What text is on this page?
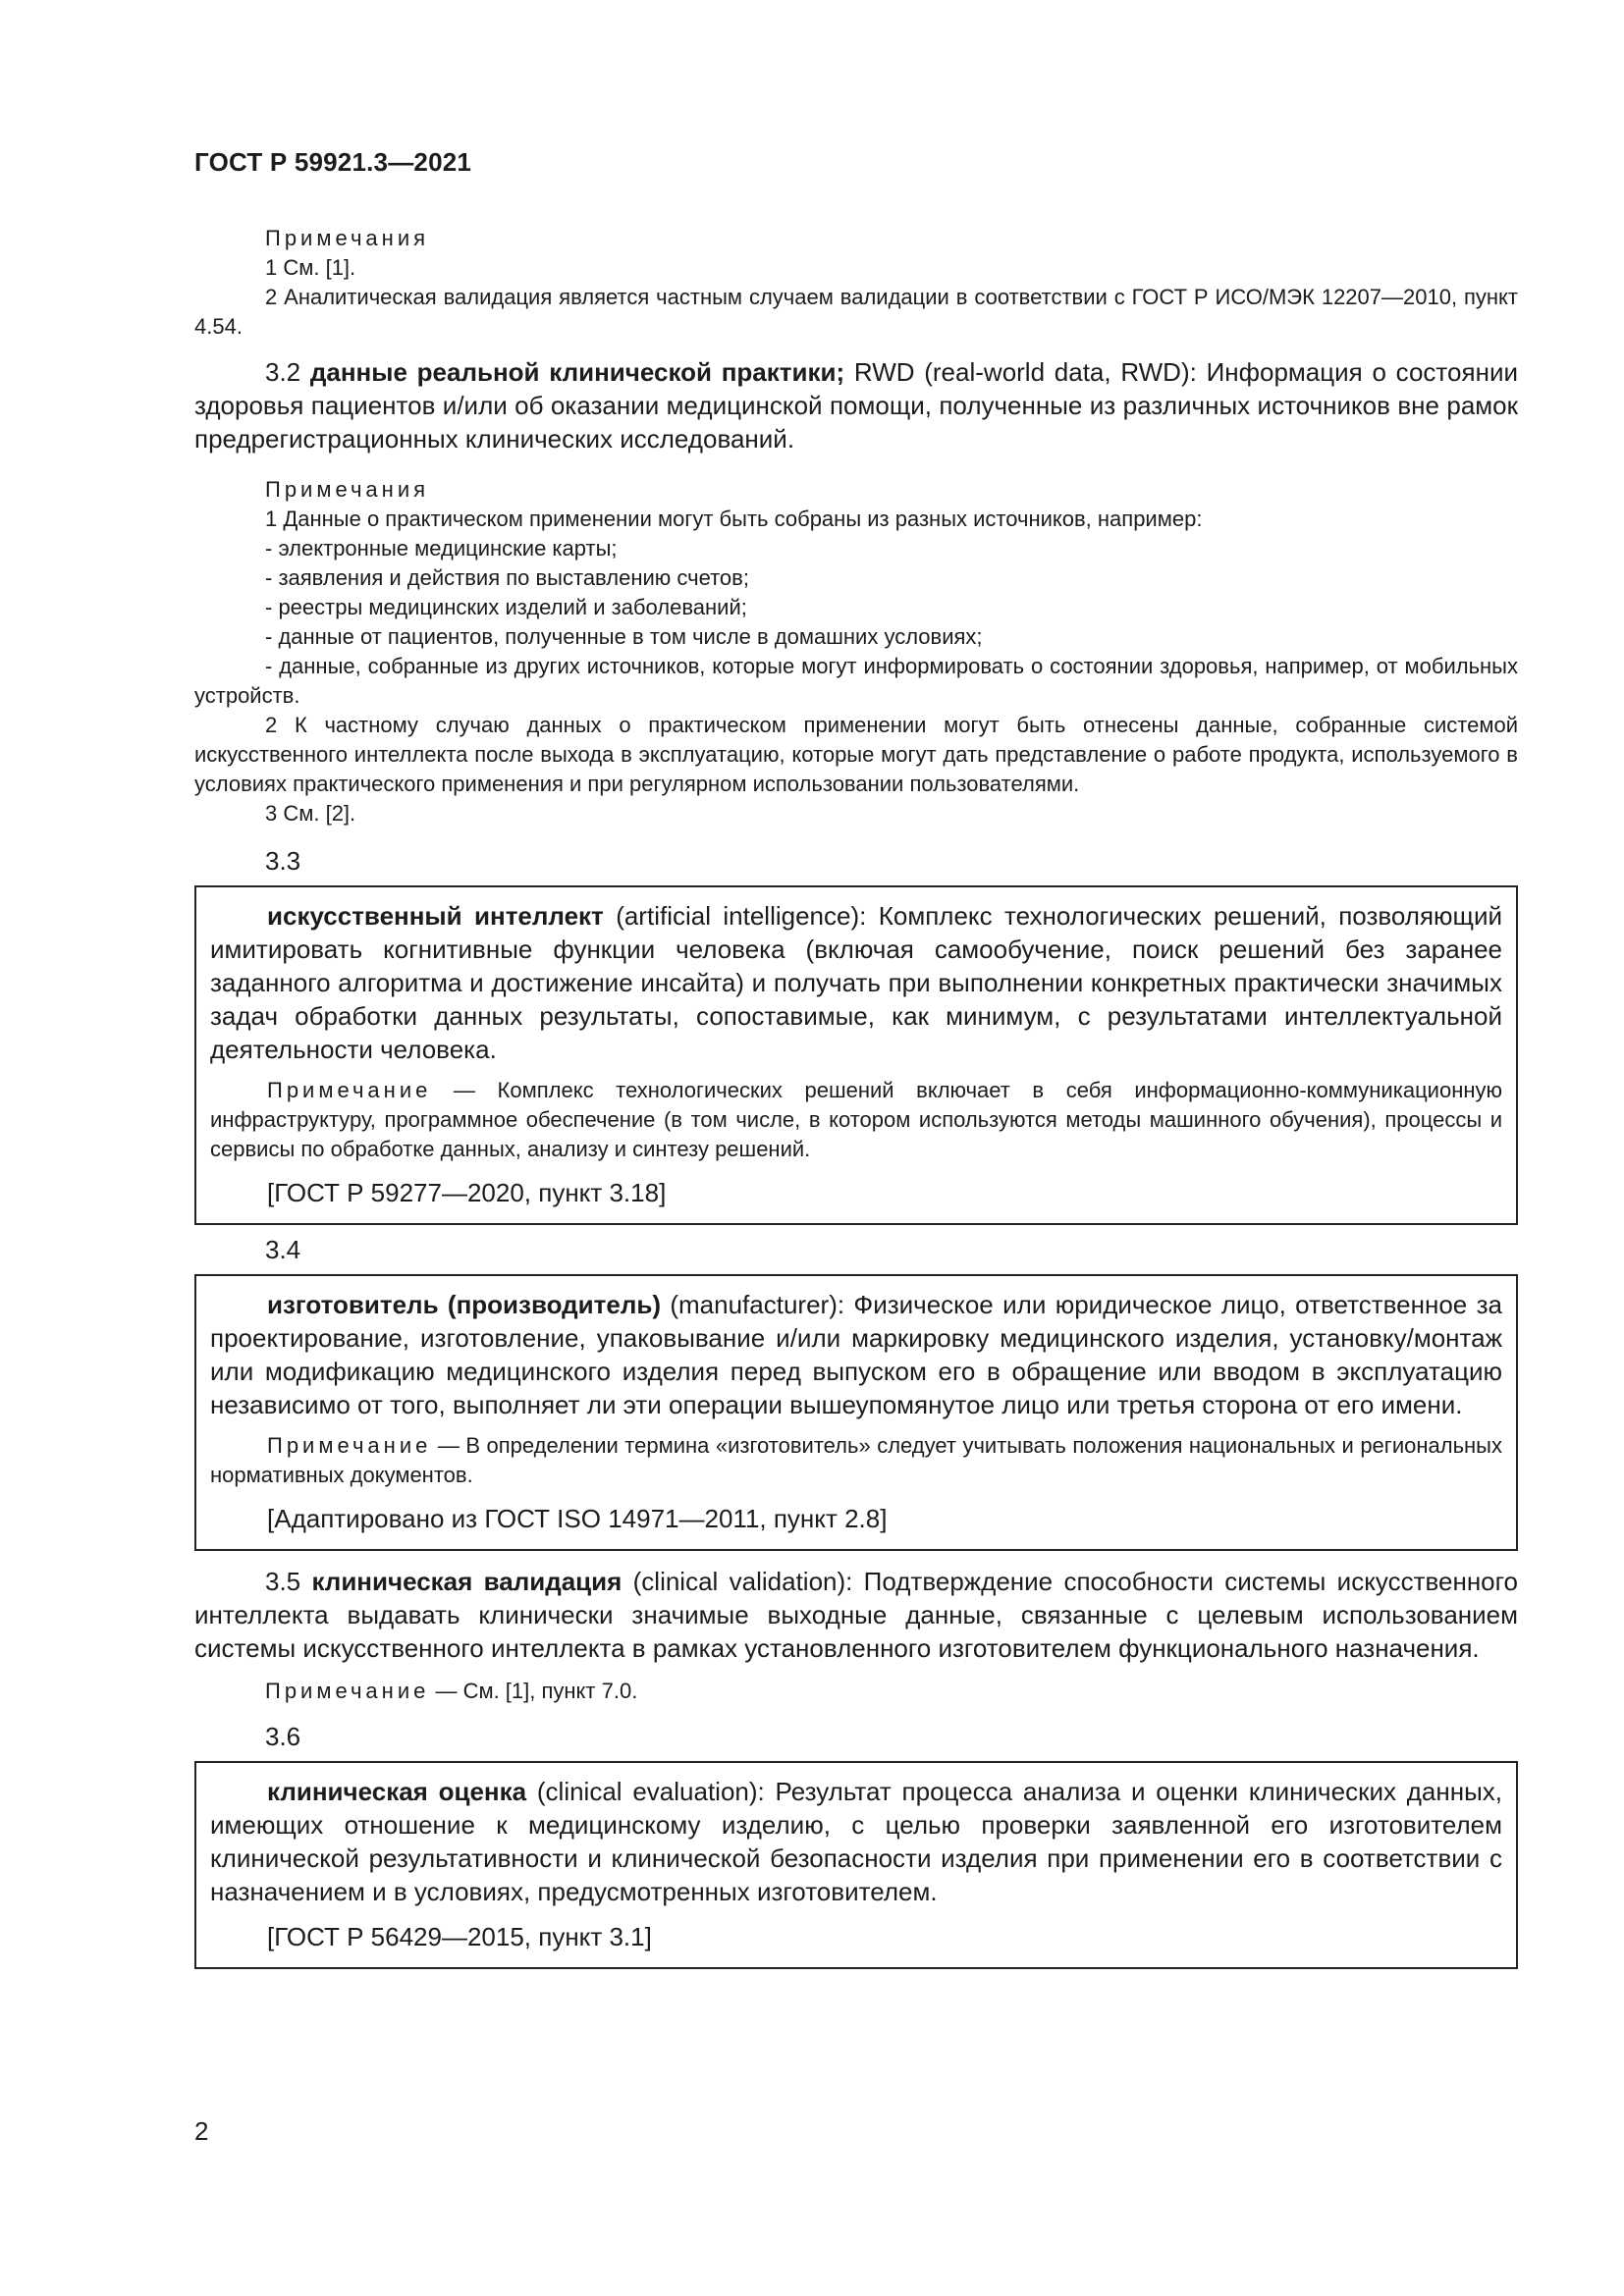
ГОСТ Р 59921.3—2021

Примечания

1 См. [1].

2 Аналитическая валидация является частным случаем валидации в соответствии с ГОСТ Р ИСО/МЭК 12207—2010, пункт 4.54.

3.2 данные реальной клинической практики; RWD (real-world data, RWD): Информация о состоянии здоровья пациентов и/или об оказании медицинской помощи, полученные из различных источников вне рамок предрегистрационных клинических исследований.

Примечания

1 Данные о практическом применении могут быть собраны из разных источников, например:

- электронные медицинские карты;

- заявления и действия по выставлению счетов;

- реестры медицинских изделий и заболеваний;

- данные от пациентов, полученные в том числе в домашних условиях;

- данные, собранные из других источников, которые могут информировать о состоянии здоровья, например, от мобильных устройств.

2 К частному случаю данных о практическом применении могут быть отнесены данные, собранные системой искусственного интеллекта после выхода в эксплуатацию, которые могут дать представление о работе продукта, используемого в условиях практического применения и при регулярном использовании пользователями.

3 См. [2].

3.3

искусственный интеллект (artificial intelligence): Комплекс технологических решений, позволяющий имитировать когнитивные функции человека (включая самообучение, поиск решений без заранее заданного алгоритма и достижение инсайта) и получать при выполнении конкретных практически значимых задач обработки данных результаты, сопоставимые, как минимум, с результатами интеллектуальной деятельности человека.

Примечание — Комплекс технологических решений включает в себя информационно-коммуникационную инфраструктуру, программное обеспечение (в том числе, в котором используются методы машинного обучения), процессы и сервисы по обработке данных, анализу и синтезу решений.

[ГОСТ Р 59277—2020, пункт 3.18]

3.4

изготовитель (производитель) (manufacturer): Физическое или юридическое лицо, ответственное за проектирование, изготовление, упаковывание и/или маркировку медицинского изделия, установку/монтаж или модификацию медицинского изделия перед выпуском его в обращение или вводом в эксплуатацию независимо от того, выполняет ли эти операции вышеупомянутое лицо или третья сторона от его имени.

Примечание — В определении термина «изготовитель» следует учитывать положения национальных и региональных нормативных документов.

[Адаптировано из ГОСТ ISO 14971—2011, пункт 2.8]

3.5 клиническая валидация (clinical validation): Подтверждение способности системы искусственного интеллекта выдавать клинически значимые выходные данные, связанные с целевым использованием системы искусственного интеллекта в рамках установленного изготовителем функционального назначения.

Примечание — См. [1], пункт 7.0.

3.6

клиническая оценка (clinical evaluation): Результат процесса анализа и оценки клинических данных, имеющих отношение к медицинскому изделию, с целью проверки заявленной его изготовителем клинической результативности и клинической безопасности изделия при применении его в соответствии с назначением и в условиях, предусмотренных изготовителем.

[ГОСТ Р 56429—2015, пункт 3.1]

2
